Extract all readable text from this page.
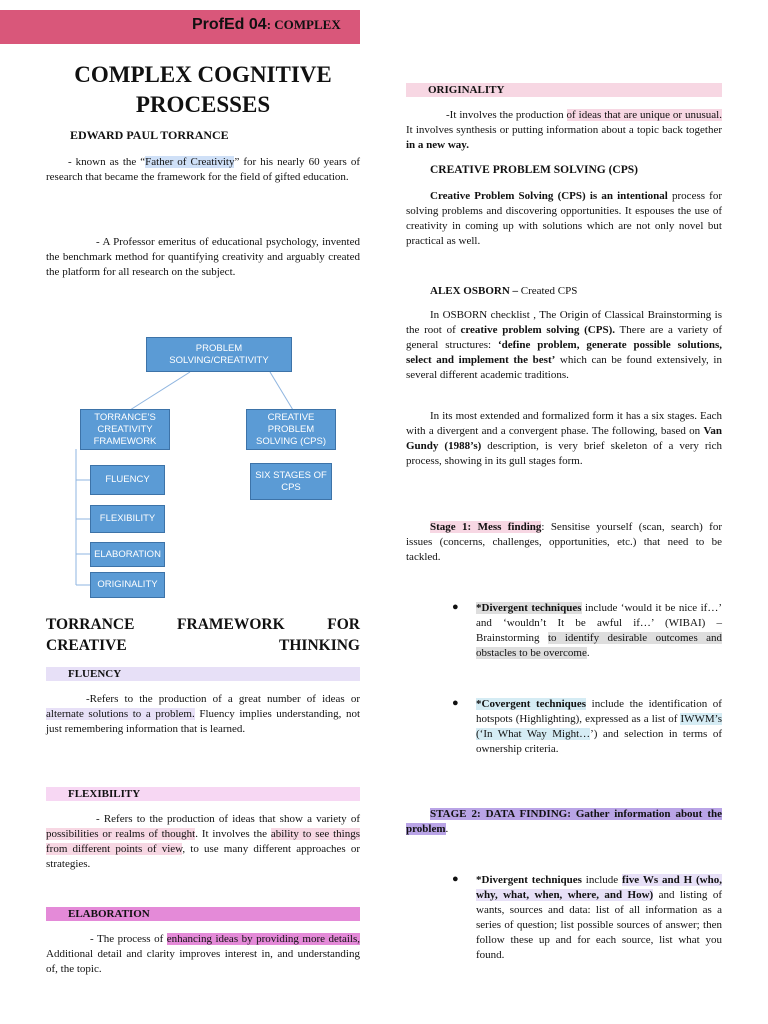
ProfEd 04: COMPLEX
COMPLEX COGNITIVE PROCESSES
EDWARD PAUL TORRANCE
- known as the “Father of Creativity” for his nearly 60 years of research that became the framework for the field of gifted education.
- A Professor emeritus of educational psychology, invented the benchmark method for quantifying creativity and arguably created the platform for all research on the subject.
PROBLEM SOLVING/CREATIVITY
TORRANCE’S CREATIVITY FRAMEWORK
CREATIVE PROBLEM SOLVING (CPS)
SIX STAGES OF CPS
FLUENCY
FLEXIBILITY
ELABORATION
ORIGINALITY
TORRANCE FRAMEWORK FOR CREATIVE THINKING
FLUENCY
-Refers to the production of a great number of ideas or alternate solutions to a problem. Fluency implies understanding, not just remembering information that is learned.
FLEXIBILITY
- Refers to the production of ideas that show a variety of possibilities or realms of thought. It involves the ability to see things from different points of view, to use many different approaches or strategies.
ELABORATION
- The process of enhancing ideas by providing more details, Additional detail and clarity improves interest in, and understanding of, the topic.
ORIGINALITY
-It involves the production of ideas that are unique or unusual. It involves synthesis or putting information about a topic back together in a new way.
CREATIVE PROBLEM SOLVING (CPS)
Creative Problem Solving (CPS) is an intentional process for solving problems and discovering opportunities. It espouses the use of creativity in coming up with solutions which are not only novel but practical as well.
ALEX OSBORN – Created CPS
In OSBORN checklist , The Origin of Classical Brainstorming is the root of creative problem solving (CPS). There are a variety of general structures: ‘define problem, generate possible solutions, select and implement the best’ which can be found extensively, in several different academic traditions.
In its most extended and formalized form it has a six stages. Each with a divergent and a convergent phase. The following, based on Van Gundy (1988’s) description, is very brief skeleton of a very rich process, showing in its gull stages form.
Stage 1: Mess finding: Sensitise yourself (scan, search) for issues (concerns, challenges, opportunities, etc.) that need to be tackled.
● *Divergent techniques include ‘would it be nice if…’ and ‘wouldn’t It be awful if…’ (WIBAI) – Brainstorming to identify desirable outcomes and obstacles to be overcome.
● *Covergent techniques include the identification of hotspots (Highlighting), expressed as a list of IWWM’s (‘In What Way Might…’) and selection in terms of ownership criteria.
STAGE 2: DATA FINDING: Gather information about the problem.
● *Divergent techniques include five Ws and H (who, why, what, when, where, and How) and listing of wants, sources and data: list of all information as a series of question; list possible sources of answer; then follow these up and for each source, list what you found.
